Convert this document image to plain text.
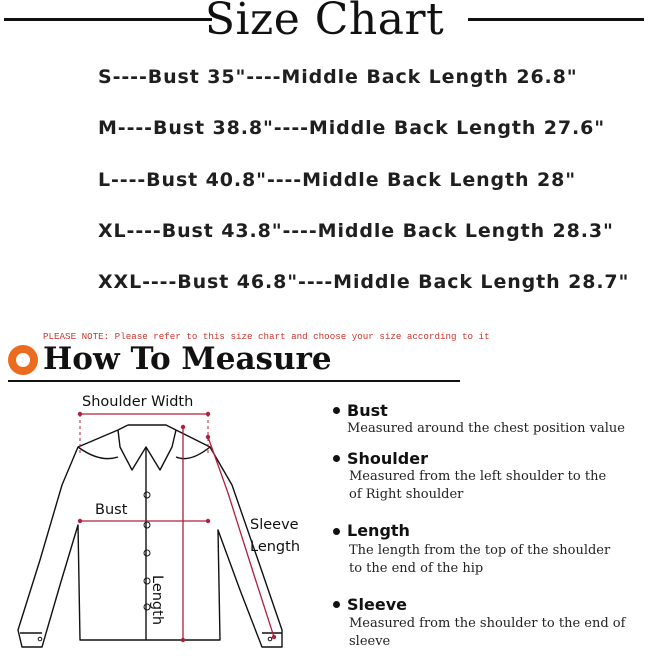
Size Chart
S----Bust 35"----Middle Back Length 26.8"
M----Bust 38.8"----Middle Back Length 27.6"
L----Bust 40.8"----Middle Back Length 28"
XL----Bust 43.8"----Middle Back Length 28.3"
XXL----Bust 46.8"----Middle Back Length 28.7"
PLEASE NOTE: Please refer to this size chart and choose your size according to it
How To Measure
Shoulder Width
Bust
Length
Sleeve
Length
Bust
Measured around the chest position value
Shoulder
Measured from the left shoulder to the of Right shoulder
Length
The length from the top of the shoulder to the end of the hip
Sleeve
Measured from the shoulder to the end of sleeve
